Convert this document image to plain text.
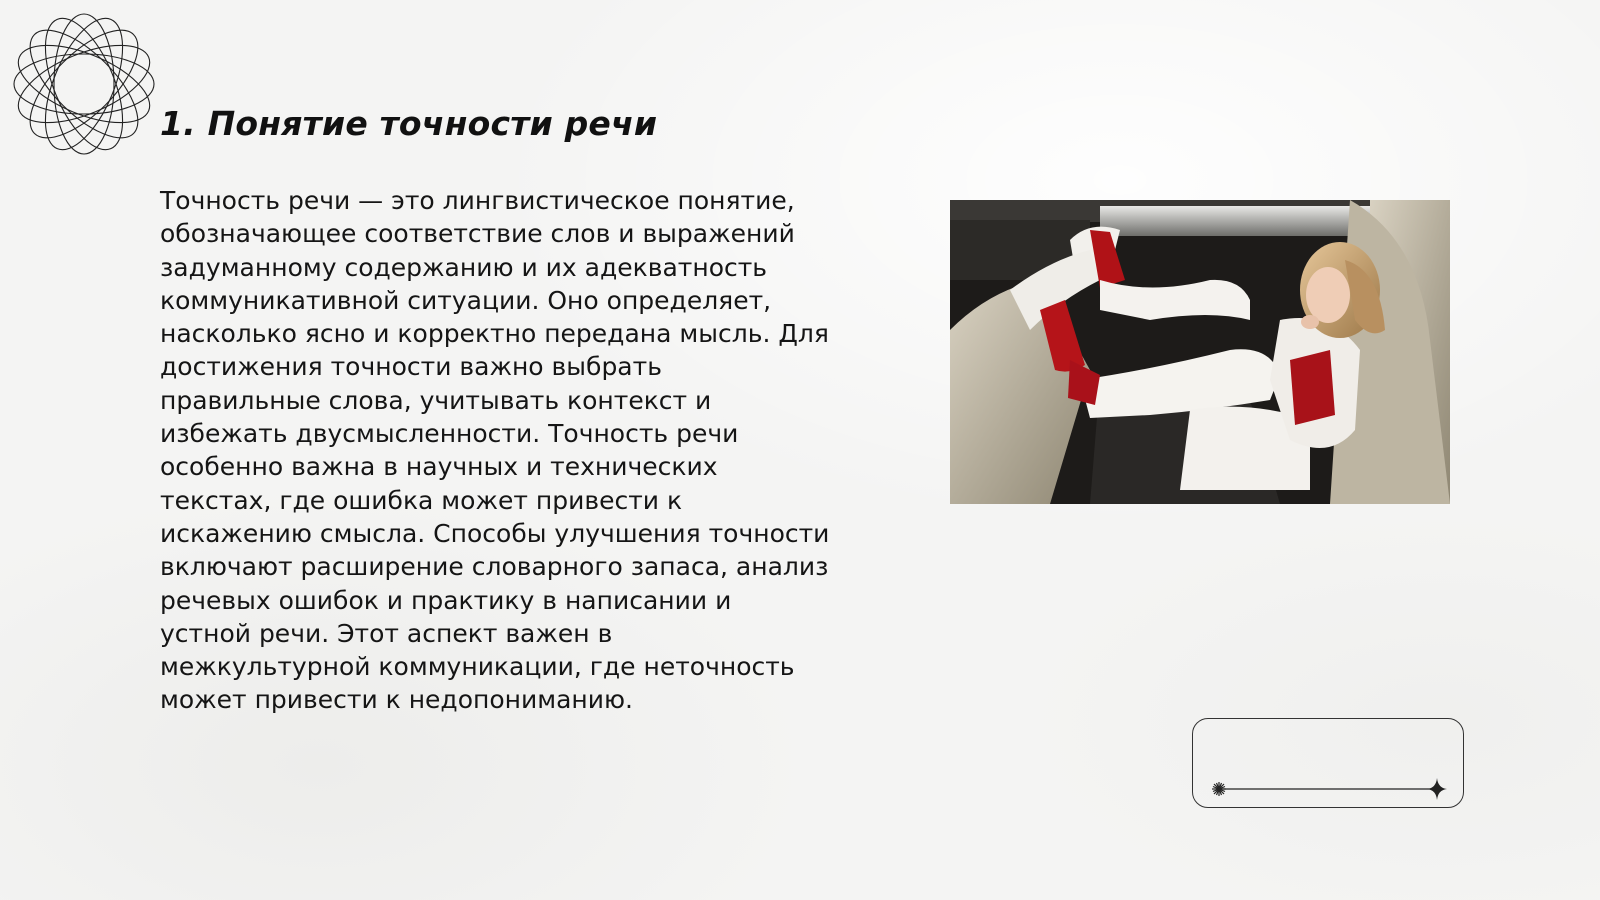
1. Понятие точности речи

Точность речи — это лингвистическое понятие, обозначающее соответствие слов и выражений задуманному содержанию и их адекватность коммуникативной ситуации. Оно определяет, насколько ясно и корректно передана мысль. Для достижения точности важно выбрать правильные слова, учитывать контекст и избежать двусмысленности. Точность речи особенно важна в научных и технических текстах, где ошибка может привести к искажению смысла. Способы улучшения точности включают расширение словарного запаса, анализ речевых ошибок и практику в написании и устной речи. Этот аспект важен в межкультурной коммуникации, где неточность может привести к недопониманию.
